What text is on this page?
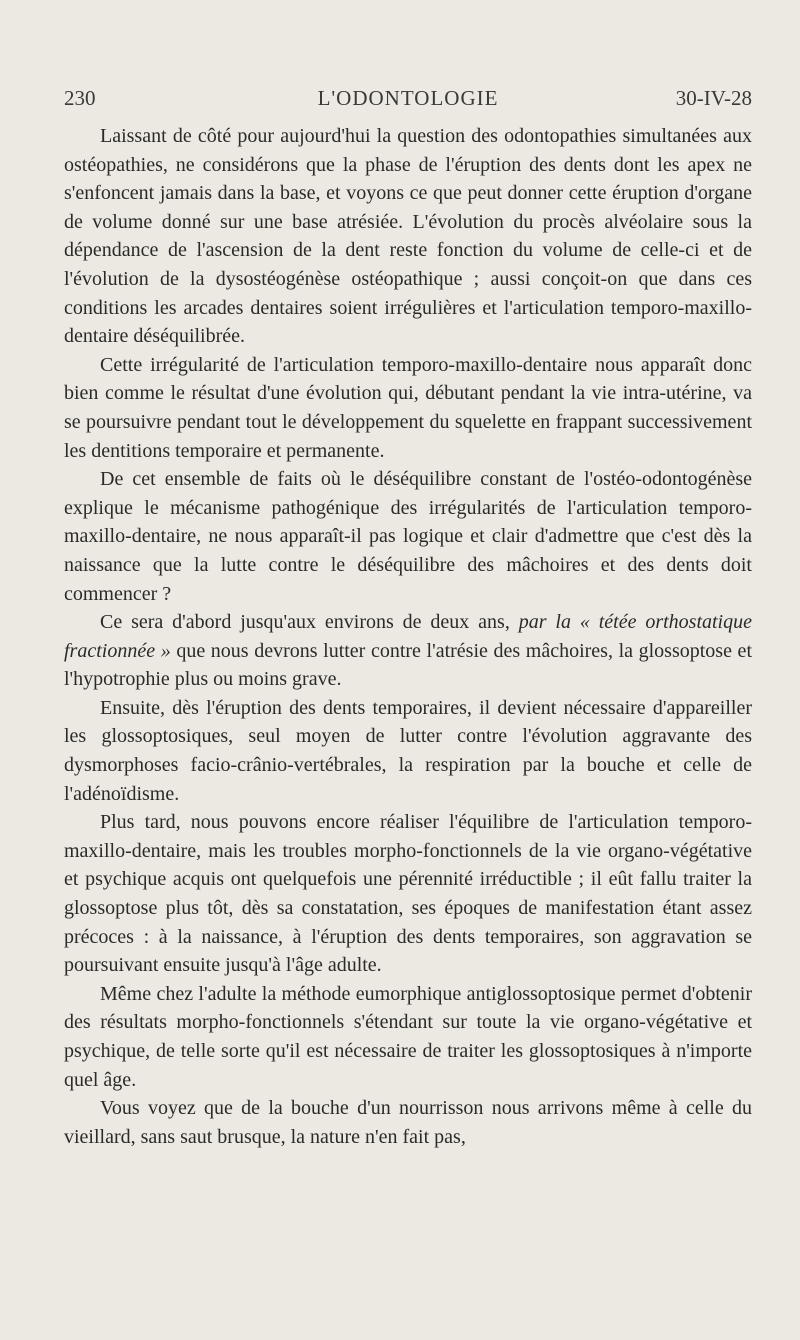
230	L'ODONTOLOGIE	30-IV-28

Laissant de côté pour aujourd'hui la question des odontopathies simultanées aux ostéopathies, ne considérons que la phase de l'éruption des dents dont les apex ne s'enfoncent jamais dans la base, et voyons ce que peut donner cette éruption d'organe de volume donné sur une base atrésiée. L'évolution du procès alvéolaire sous la dépendance de l'ascension de la dent reste fonction du volume de celle-ci et de l'évolution de la dysostéogénèse ostéopathique ; aussi conçoit-on que dans ces conditions les arcades dentaires soient irrégulières et l'articulation temporo-maxillo-dentaire déséquilibrée.

Cette irrégularité de l'articulation temporo-maxillo-dentaire nous apparaît donc bien comme le résultat d'une évolution qui, débutant pendant la vie intra-utérine, va se poursuivre pendant tout le développement du squelette en frappant successivement les dentitions temporaire et permanente.

De cet ensemble de faits où le déséquilibre constant de l'ostéo-odontogénèse explique le mécanisme pathogénique des irrégularités de l'articulation temporo-maxillo-dentaire, ne nous apparaît-il pas logique et clair d'admettre que c'est dès la naissance que la lutte contre le déséquilibre des mâchoires et des dents doit commencer ?

Ce sera d'abord jusqu'aux environs de deux ans, par la « tétée orthostatique fractionnée » que nous devrons lutter contre l'atrésie des mâchoires, la glossoptose et l'hypotrophie plus ou moins grave.

Ensuite, dès l'éruption des dents temporaires, il devient nécessaire d'appareiller les glossoptosiques, seul moyen de lutter contre l'évolution aggravante des dysmorphoses facio-crânio-vertébrales, la respiration par la bouche et celle de l'adénoïdisme.

Plus tard, nous pouvons encore réaliser l'équilibre de l'articulation temporo-maxillo-dentaire, mais les troubles morpho-fonctionnels de la vie organo-végétative et psychique acquis ont quelquefois une pérennité irréductible ; il eût fallu traiter la glossoptose plus tôt, dès sa constatation, ses époques de manifestation étant assez précoces : à la naissance, à l'éruption des dents temporaires, son aggravation se poursuivant ensuite jusqu'à l'âge adulte.

Même chez l'adulte la méthode eumorphique antiglossoptosique permet d'obtenir des résultats morpho-fonctionnels s'étendant sur toute la vie organo-végétative et psychique, de telle sorte qu'il est nécessaire de traiter les glossoptosiques à n'importe quel âge.

Vous voyez que de la bouche d'un nourrisson nous arrivons même à celle du vieillard, sans saut brusque, la nature n'en fait pas,
